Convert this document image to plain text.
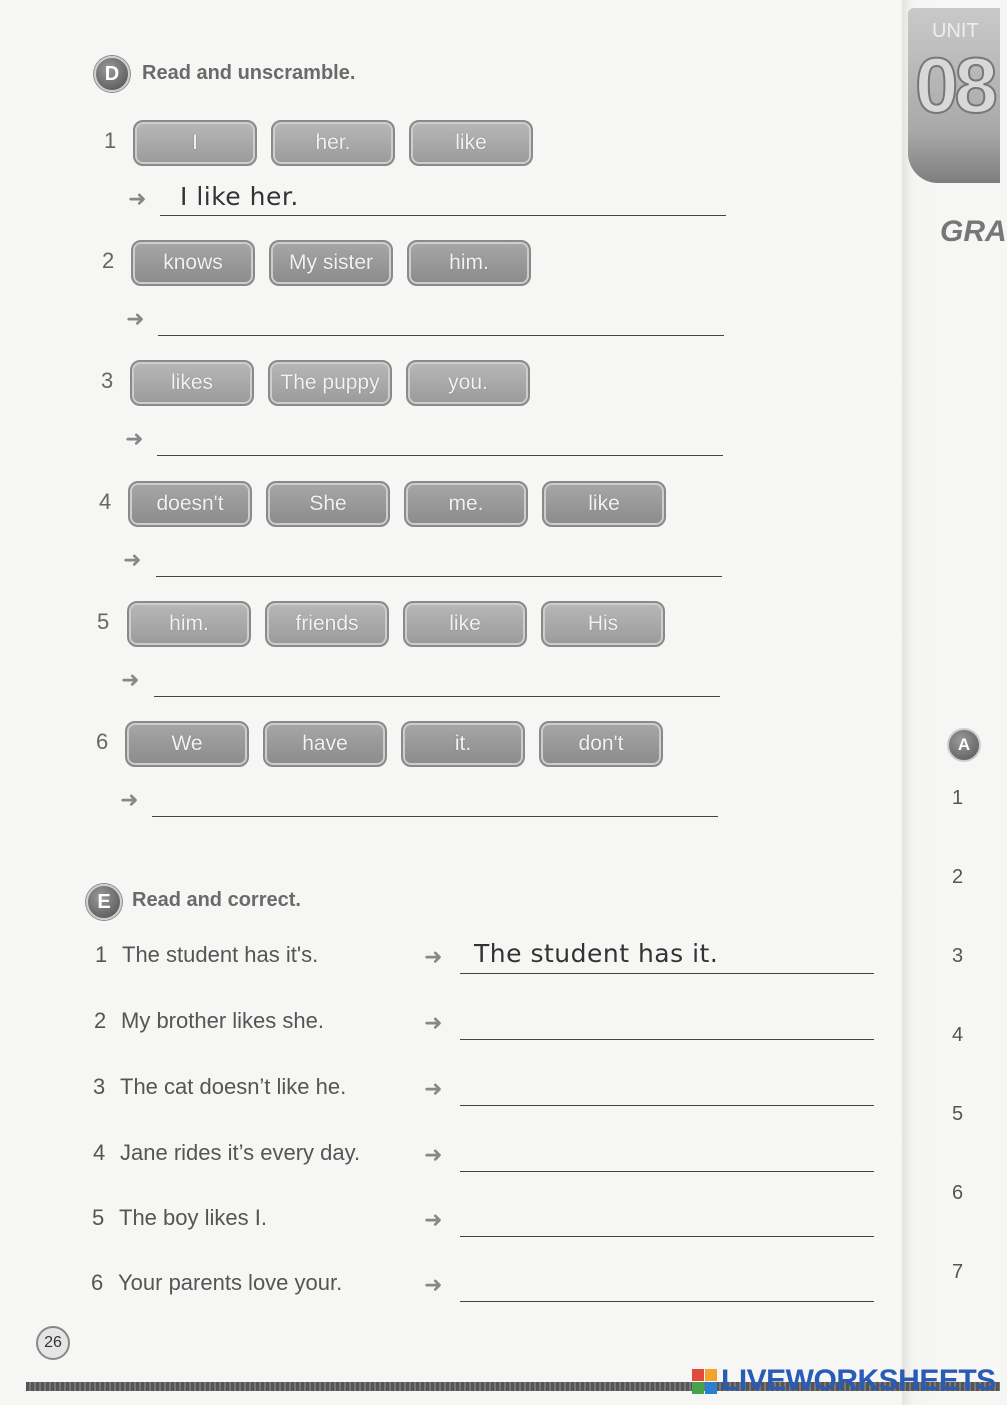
D Read and unscramble.
1	I	her.	like
➜ I like her.
2	knows	My sister	him.
➜
3	likes	The puppy	you.
➜
4	doesn't	She	me.	like
➜
5	him.	friends	like	His
➜
6	We	have	it.	don't
➜
E Read and correct.
1 The student has it's.	➜ The student has it.
2 My brother likes she.	➜
3 The cat doesn’t like he.	➜
4 Jane rides it’s every day.	➜
5 The boy likes I.	➜
6 Your parents love your.	➜
UNIT
08
GRA
A
1
2
3
4
5
6
7
26
LIVEWORKSHEETS
